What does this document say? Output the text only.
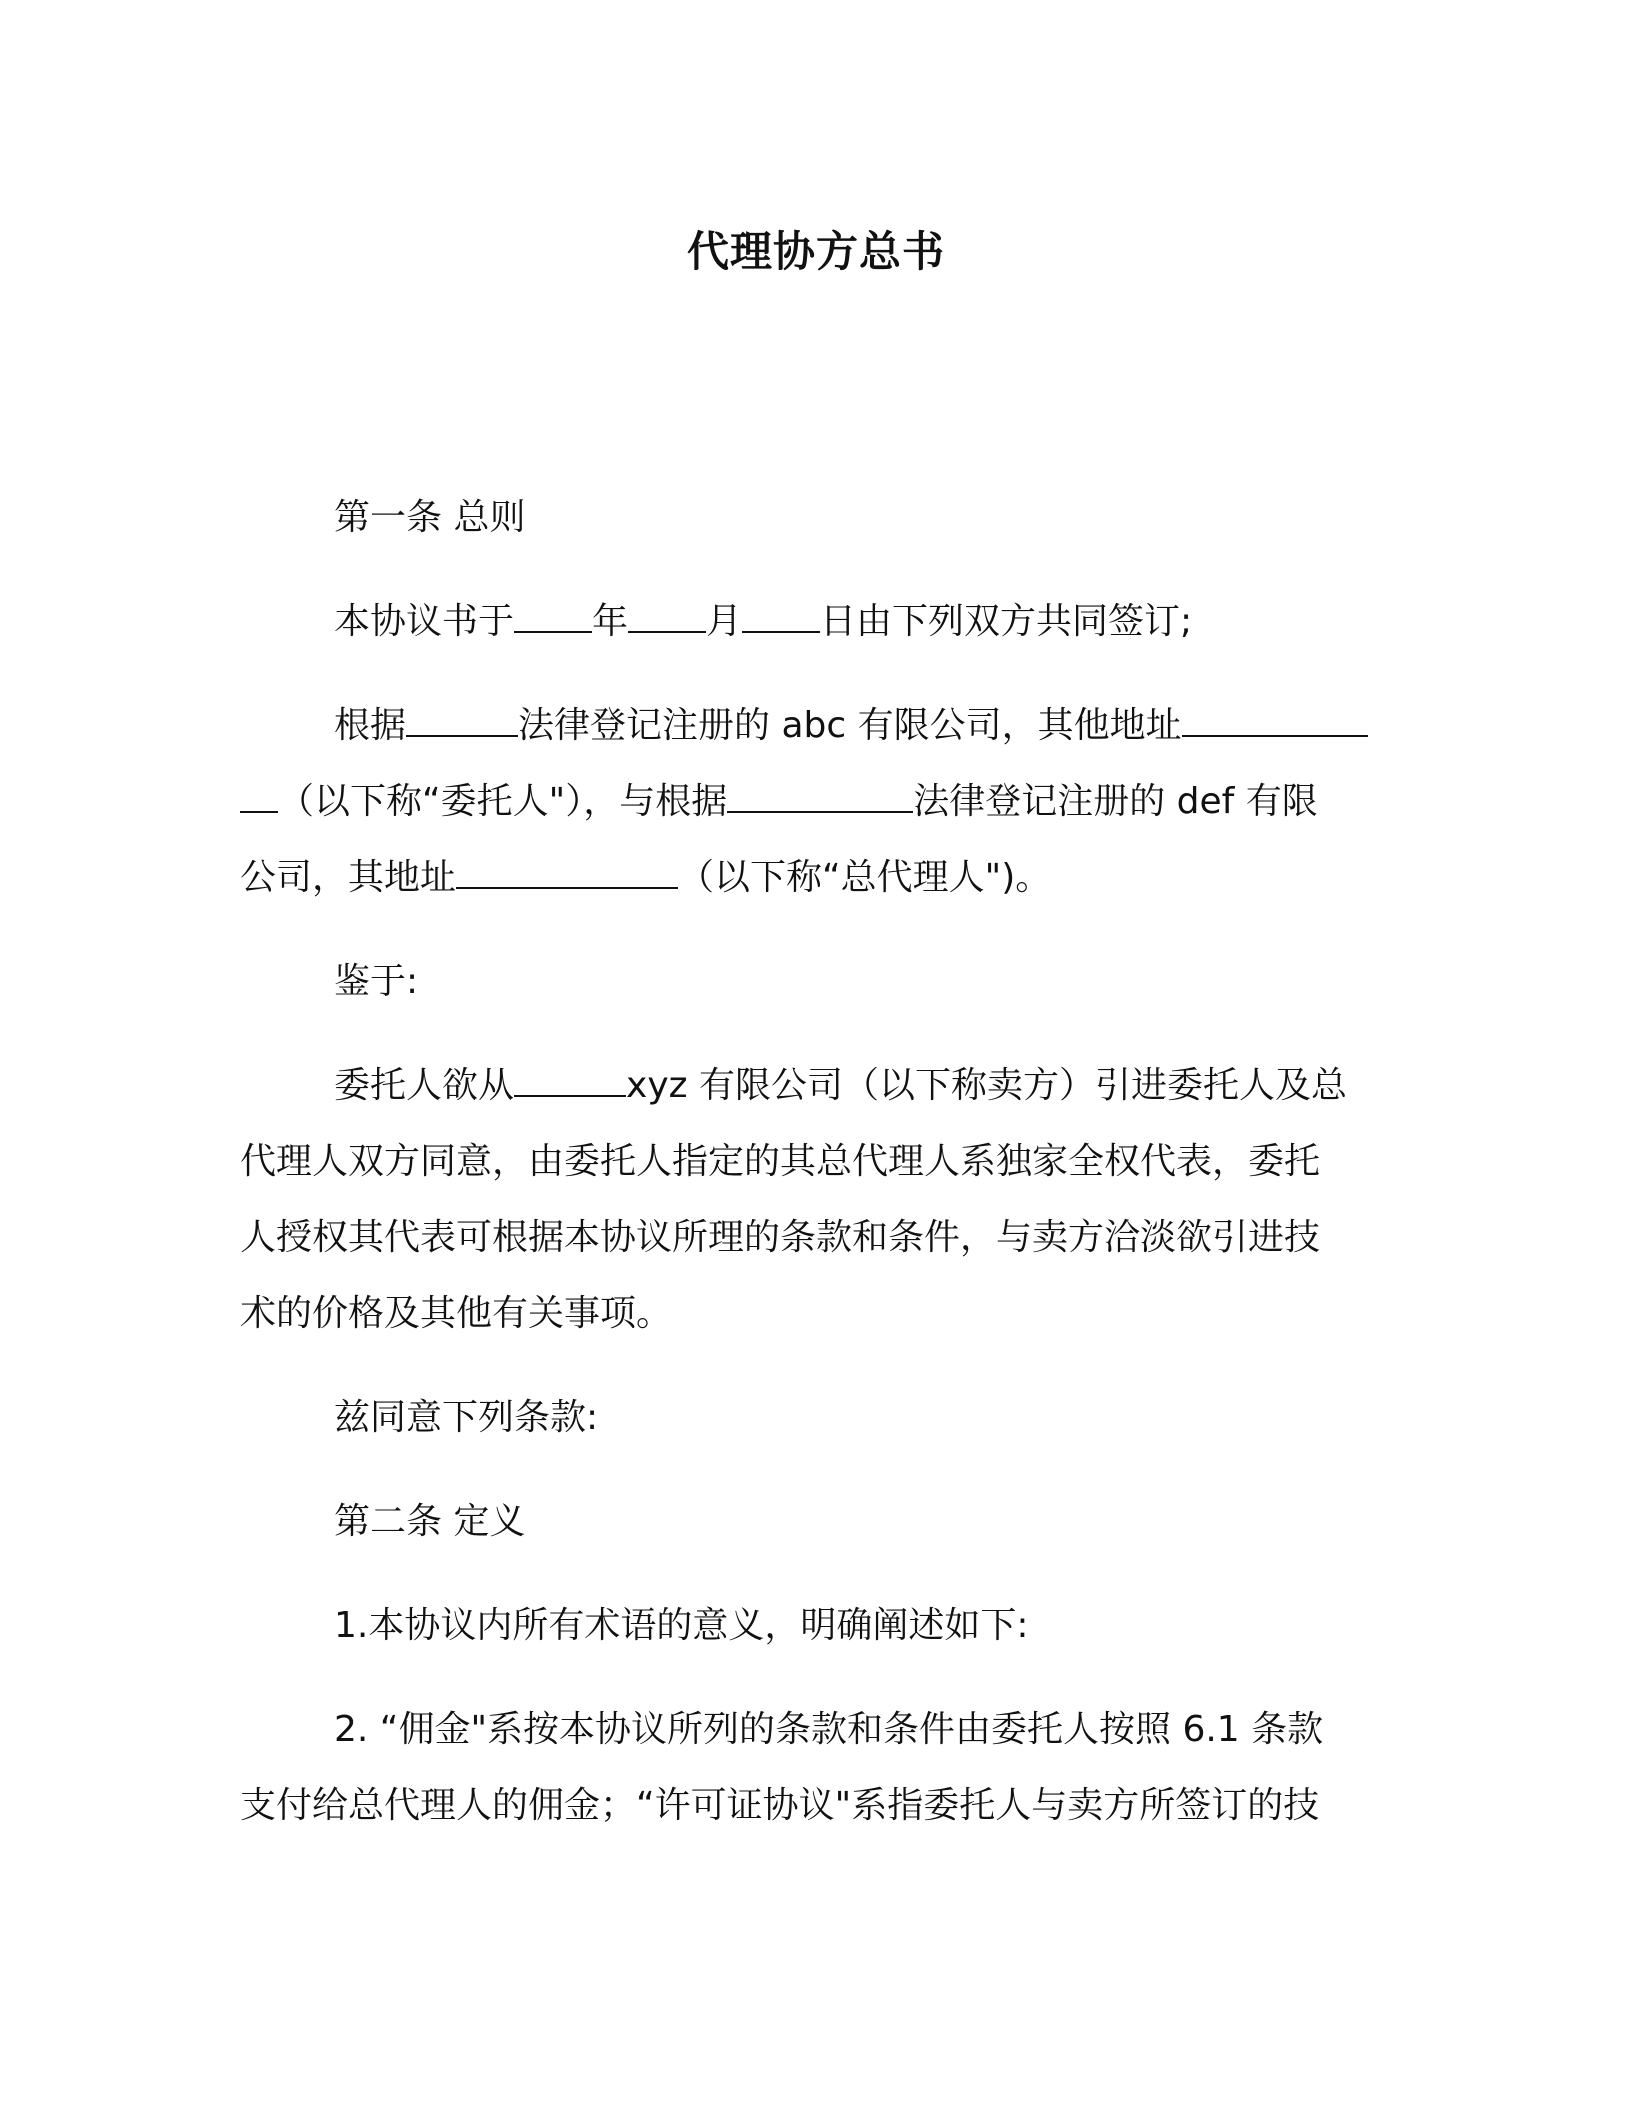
代理协方总书
第一条 总则
本协议书于 年 月 日由下列双方共同签订;
根据	法律登记注册的 abc 有限公司，其他地址
（以下称“委托人"），与根据	法律登记注册的 def 有限
公司，其地址	（以下称“总代理人")。
鉴于:
委托人欲从	xyz 有限公司（以下称卖方）引进委托人及总
代理人双方同意，由委托人指定的其总代理人系独家全权代表，委托
人授权其代表可根据本协议所理的条款和条件，与卖方洽淡欲引进技
术的价格及其他有关事项。
兹同意下列条款:
第二条 定义
1.本协议内所有术语的意义，明确阐述如下:
2. “佣金"系按本协议所列的条款和条件由委托人按照 6.1 条款
支付给总代理人的佣金；“许可证协议"系指委托人与卖方所签订的技
